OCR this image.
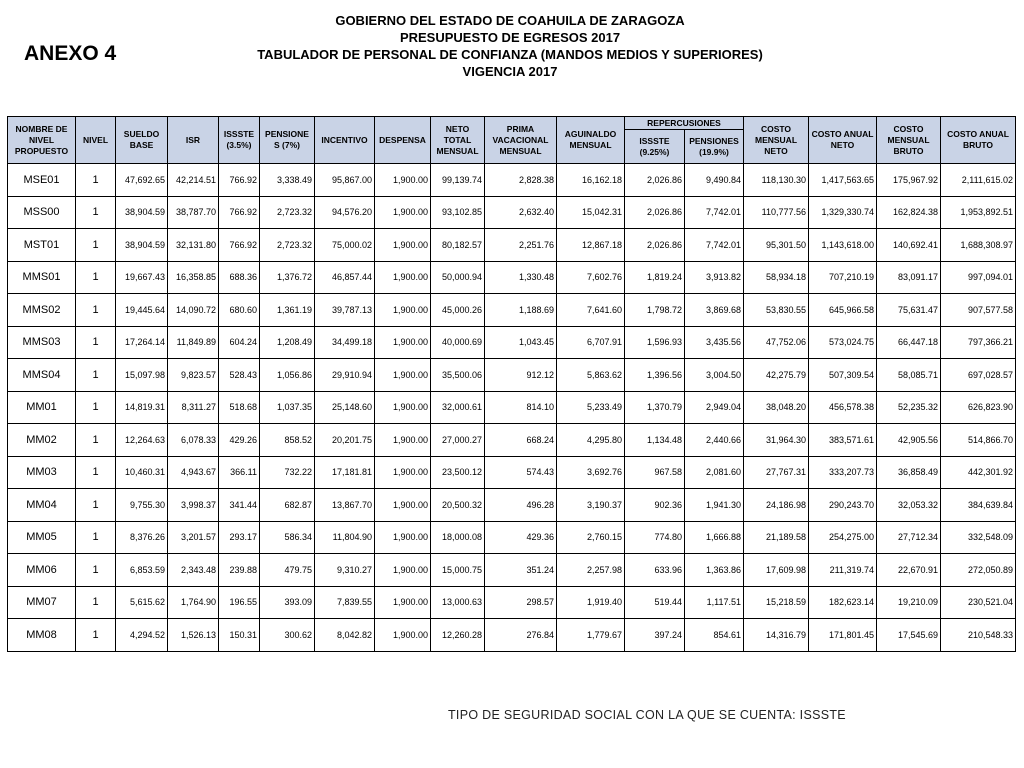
ANEXO 4
GOBIERNO DEL ESTADO DE COAHUILA DE ZARAGOZA
PRESUPUESTO DE EGRESOS 2017
TABULADOR DE PERSONAL DE CONFIANZA (MANDOS MEDIOS Y SUPERIORES)
VIGENCIA 2017
NOMBRE DE NIVEL PROPUESTO	NIVEL	SUELDO BASE	ISR	ISSSTE (3.5%)	PENSIONE S (7%)	INCENTIVO	DESPENSA	NETO TOTAL MENSUAL	PRIMA VACACIONAL MENSUAL	AGUINALDO MENSUAL	REPERCUSIONES		COSTO MENSUAL NETO	COSTO ANUAL NETO	COSTO MENSUAL BRUTO	COSTO ANUAL BRUTO
											ISSSTE (9.25%)	PENSIONES (19.9%)				
MSE01	1	47,692.65	42,214.51	766.92	3,338.49	95,867.00	1,900.00	99,139.74	2,828.38	16,162.18	2,026.86	9,490.84	118,130.30	1,417,563.65	175,967.92	2,111,615.02
MSS00	1	38,904.59	38,787.70	766.92	2,723.32	94,576.20	1,900.00	93,102.85	2,632.40	15,042.31	2,026.86	7,742.01	110,777.56	1,329,330.74	162,824.38	1,953,892.51
MST01	1	38,904.59	32,131.80	766.92	2,723.32	75,000.02	1,900.00	80,182.57	2,251.76	12,867.18	2,026.86	7,742.01	95,301.50	1,143,618.00	140,692.41	1,688,308.97
MMS01	1	19,667.43	16,358.85	688.36	1,376.72	46,857.44	1,900.00	50,000.94	1,330.48	7,602.76	1,819.24	3,913.82	58,934.18	707,210.19	83,091.17	997,094.01
MMS02	1	19,445.64	14,090.72	680.60	1,361.19	39,787.13	1,900.00	45,000.26	1,188.69	7,641.60	1,798.72	3,869.68	53,830.55	645,966.58	75,631.47	907,577.58
MMS03	1	17,264.14	11,849.89	604.24	1,208.49	34,499.18	1,900.00	40,000.69	1,043.45	6,707.91	1,596.93	3,435.56	47,752.06	573,024.75	66,447.18	797,366.21
MMS04	1	15,097.98	9,823.57	528.43	1,056.86	29,910.94	1,900.00	35,500.06	912.12	5,863.62	1,396.56	3,004.50	42,275.79	507,309.54	58,085.71	697,028.57
MM01	1	14,819.31	8,311.27	518.68	1,037.35	25,148.60	1,900.00	32,000.61	814.10	5,233.49	1,370.79	2,949.04	38,048.20	456,578.38	52,235.32	626,823.90
MM02	1	12,264.63	6,078.33	429.26	858.52	20,201.75	1,900.00	27,000.27	668.24	4,295.80	1,134.48	2,440.66	31,964.30	383,571.61	42,905.56	514,866.70
MM03	1	10,460.31	4,943.67	366.11	732.22	17,181.81	1,900.00	23,500.12	574.43	3,692.76	967.58	2,081.60	27,767.31	333,207.73	36,858.49	442,301.92
MM04	1	9,755.30	3,998.37	341.44	682.87	13,867.70	1,900.00	20,500.32	496.28	3,190.37	902.36	1,941.30	24,186.98	290,243.70	32,053.32	384,639.84
MM05	1	8,376.26	3,201.57	293.17	586.34	11,804.90	1,900.00	18,000.08	429.36	2,760.15	774.80	1,666.88	21,189.58	254,275.00	27,712.34	332,548.09
MM06	1	6,853.59	2,343.48	239.88	479.75	9,310.27	1,900.00	15,000.75	351.24	2,257.98	633.96	1,363.86	17,609.98	211,319.74	22,670.91	272,050.89
MM07	1	5,615.62	1,764.90	196.55	393.09	7,839.55	1,900.00	13,000.63	298.57	1,919.40	519.44	1,117.51	15,218.59	182,623.14	19,210.09	230,521.04
MM08	1	4,294.52	1,526.13	150.31	300.62	8,042.82	1,900.00	12,260.28	276.84	1,779.67	397.24	854.61	14,316.79	171,801.45	17,545.69	210,548.33
TIPO DE SEGURIDAD SOCIAL CON LA QUE SE CUENTA: ISSSTE
